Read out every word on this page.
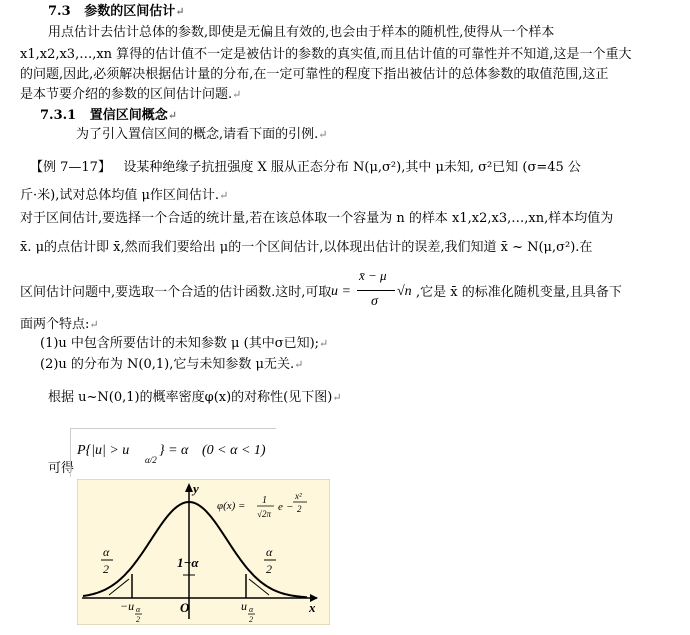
7.3 参数的区间估计↵
用点估计去估计总体的参数,即使是无偏且有效的,也会由于样本的随机性,使得从一个样本
x1,x2,x3,…,xn 算得的估计值不一定是被估计的参数的真实值,而且估计值的可靠性并不知道,这是一个重大
的问题,因此,必须解决根据估计量的分布,在一定可靠性的程度下指出被估计的总体参数的取值范围,这正
是本节要介绍的参数的区间估计问题.↵
7.3.1 置信区间概念↵
为了引入置信区间的概念,请看下面的引例.↵
【例 7—17】 设某种绝缘子抗扭强度 X 服从正态分布 N(μ,σ²),其中 μ未知, σ²已知 (σ=45 公
斤·米),试对总体均值 μ作区间估计.↵
对于区间估计,要选择一个合适的统计量,若在该总体取一个容量为 n 的样本 x1,x2,x3,…,xn,样本均值为
x̄. μ的点估计即 x̄,然而我们要给出 μ的一个区间估计,以体现出估计的误差,我们知道 x̄ ~ N(μ,σ²).在
区间估计问题中,要选取一个合适的估计函数.这时,可取 u =
x̄ − μ
σ
√n ,它是 x̄ 的标准化随机变量,且具备下
面两个特点:↵
(1)u 中包含所要估计的未知参数 μ (其中σ已知);↵
(2)u 的分布为 N(0,1),它与未知参数 μ无关.↵
根据 u~N(0,1)的概率密度φ(x)的对称性(见下图)↵
可得
P{|u| > u
α/2
} = α (0 < α < 1)
y
x
O
1−α
α
2
α
2
−u α
2
u α
2
φ(x) = 1
√2π
e −
x²
2
